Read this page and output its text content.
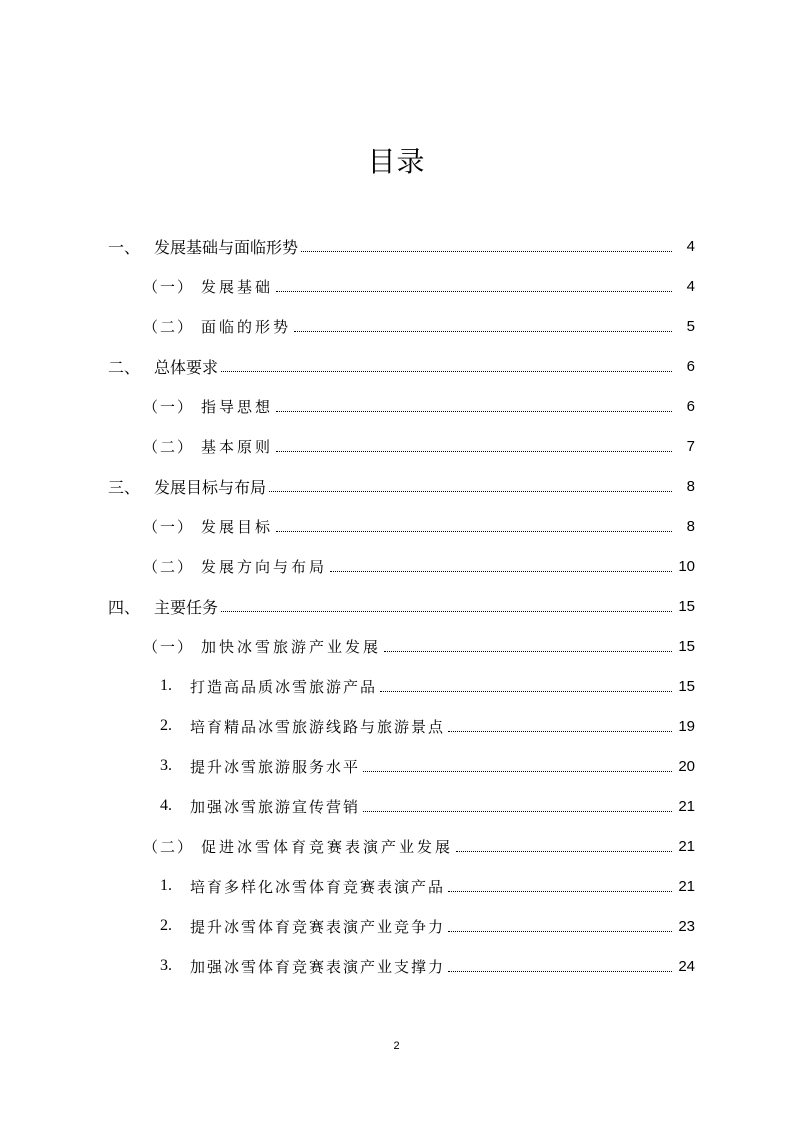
目录
一、 发展基础与面临形势	4
（一） 发展基础	4
（二） 面临的形势	5
二、 总体要求	6
（一） 指导思想	6
（二） 基本原则	7
三、 发展目标与布局	8
（一） 发展目标	8
（二） 发展方向与布局	10
四、 主要任务	15
（一） 加快冰雪旅游产业发展	15
1.	打造高品质冰雪旅游产品	15
2.	培育精品冰雪旅游线路与旅游景点	19
3.	提升冰雪旅游服务水平	20
4.	加强冰雪旅游宣传营销	21
（二） 促进冰雪体育竞赛表演产业发展	21
1.	培育多样化冰雪体育竞赛表演产品	21
2.	提升冰雪体育竞赛表演产业竞争力	23
3.	加强冰雪体育竞赛表演产业支撑力	24
2
